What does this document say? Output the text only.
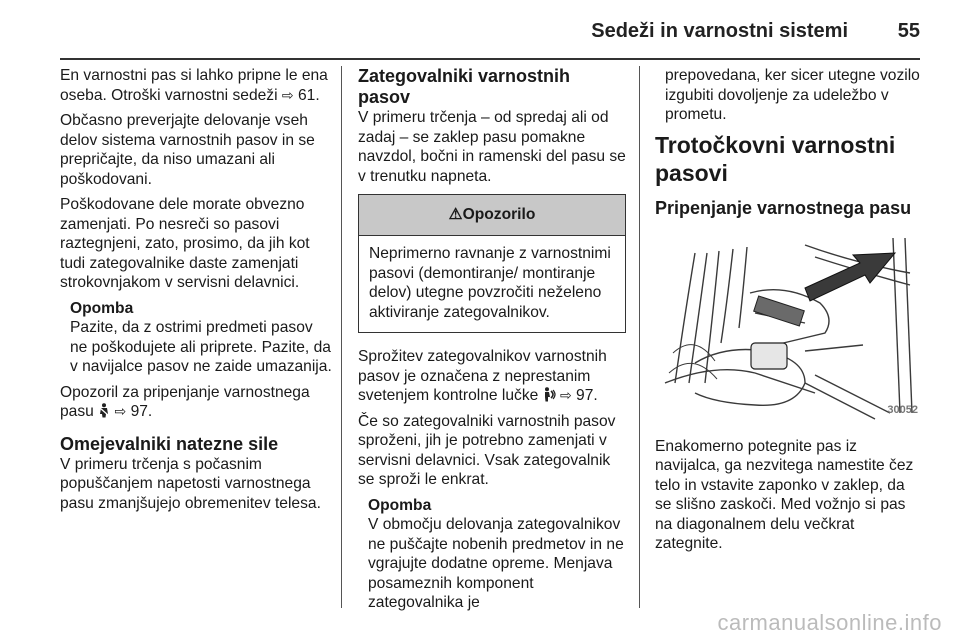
Sedeži in varnostni sistemi 55

En varnostni pas si lahko pripne le ena oseba. Otroški varnostni sedeži ⇨ 61.

Občasno preverjajte delovanje vseh delov sistema varnostnih pasov in se prepričajte, da niso umazani ali poškodovani.

Poškodovane dele morate obvezno zamenjati. Po nesreči so pasovi raztegnjeni, zato, prosimo, da jih kot tudi zategovalnike daste zamenjati strokovnjakom v servisni delavnici.

Opomba
Pazite, da z ostrimi predmeti pasov ne poškodujete ali priprete. Pazite, da v navijalce pasov ne zaide umazanija.

Opozoril za pripenjanje varnostnega pasu  ⇨ 97.

Omejevalniki natezne sile

V primeru trčenja s počasnim popuščanjem napetosti varnostnega pasu zmanjšujejo obremenitev telesa.

Zategovalniki varnostnih pasov

V primeru trčenja – od spredaj ali od zadaj – se zaklep pasu pomakne navzdol, bočni in ramenski del pasu se v trenutku napneta.

⚠Opozorilo
Neprimerno ravnanje z varnostnimi pasovi (demontiranje/ montiranje delov) utegne povzročiti neželeno aktiviranje zategovalnikov.

Sprožitev zategovalnikov varnostnih pasov je označena z neprestanim svetenjem kontrolne lučke  ⇨ 97.

Če so zategovalniki varnostnih pasov sproženi, jih je potrebno zamenjati v servisni delavnici. Vsak zategovalnik se sproži le enkrat.

Opomba
V območju delovanja zategovalnikov ne puščajte nobenih predmetov in ne vgrajujte dodatne opreme. Menjava posameznih komponent zategovalnika je

prepovedana, ker sicer utegne vozilo izgubiti dovoljenje za udeležbo v prometu.

Trotočkovni varnostni pasovi
Pripenjanje varnostnega pasu
30052

Enakomerno potegnite pas iz navijalca, ga nezvitega namestite čez telo in vstavite zaponko v zaklep, da se slišno zaskoči. Med vožnjo si pas na diagonalnem delu večkrat zategnite.

carmanualsonline.info
